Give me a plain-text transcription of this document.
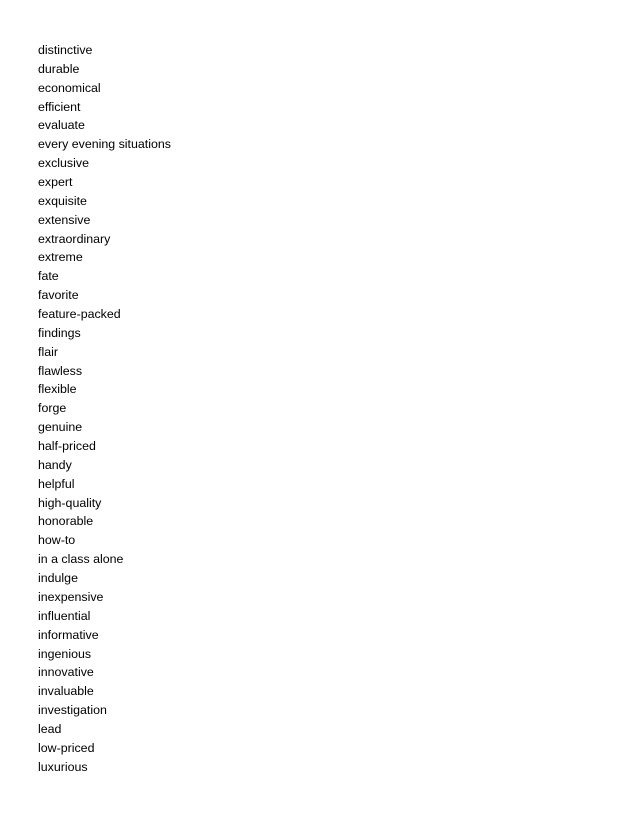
distinctive
durable
economical
efficient
evaluate
every evening situations
exclusive
expert
exquisite
extensive
extraordinary
extreme
fate
favorite
feature-packed
findings
flair
flawless
flexible
forge
genuine
half-priced
handy
helpful
high-quality
honorable
how-to
in a class alone
indulge
inexpensive
influential
informative
ingenious
innovative
invaluable
investigation
lead
low-priced
luxurious
